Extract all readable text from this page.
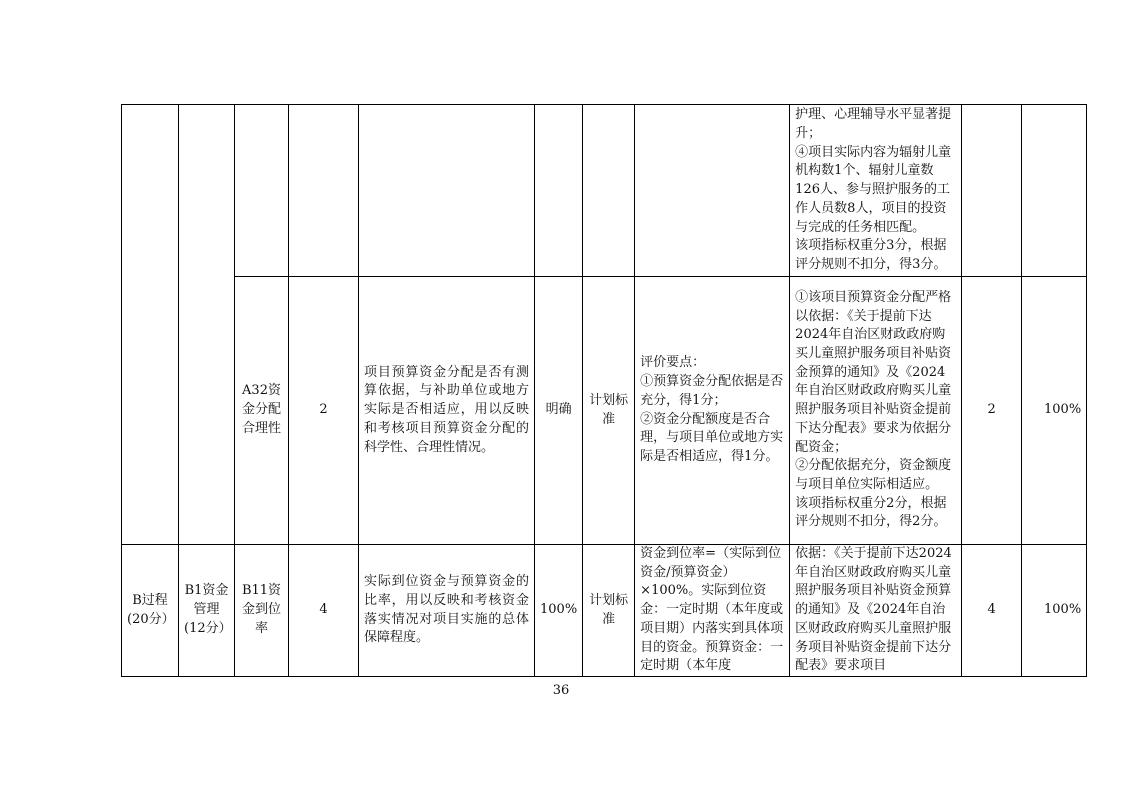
								护理、心理辅导水平显著提升；
④项目实际内容为辐射儿童机构数1个、辐射儿童数126人、参与照护服务的工作人员数8人，项目的投资与完成的任务相匹配。
该项指标权重分3分，根据评分规则不扣分，得3分。		
		A32资金分配合理性	2	项目预算资金分配是否有测算依据，与补助单位或地方实际是否相适应，用以反映和考核项目预算资金分配的科学性、合理性情况。	明确	计划标准	评价要点：
①预算资金分配依据是否充分，得1分；
②资金分配额度是否合理，与项目单位或地方实际是否相适应，得1分。	①该项目预算资金分配严格以依据：《关于提前下达2024年自治区财政政府购买儿童照护服务项目补贴资金预算的通知》及《2024年自治区财政政府购买儿童照护服务项目补贴资金提前下达分配表》要求为依据分配资金；
②分配依据充分，资金额度与项目单位实际相适应。
该项指标权重分2分，根据评分规则不扣分，得2分。	2	100%
B过程(20分）	B1资金管理(12分）	B11资金到位率	4	实际到位资金与预算资金的比率，用以反映和考核资金落实情况对项目实施的总体保障程度。	100%	计划标准	资金到位率=（实际到位资金/预算资金）×100%。实际到位资金：一定时期（本年度或项目期）内落实到具体项目的资金。预算资金：一定时期（本年度	依据：《关于提前下达2024年自治区财政政府购买儿童照护服务项目补贴资金预算的通知》及《2024年自治区财政政府购买儿童照护服务项目补贴资金提前下达分配表》要求项目	4	100%
36
